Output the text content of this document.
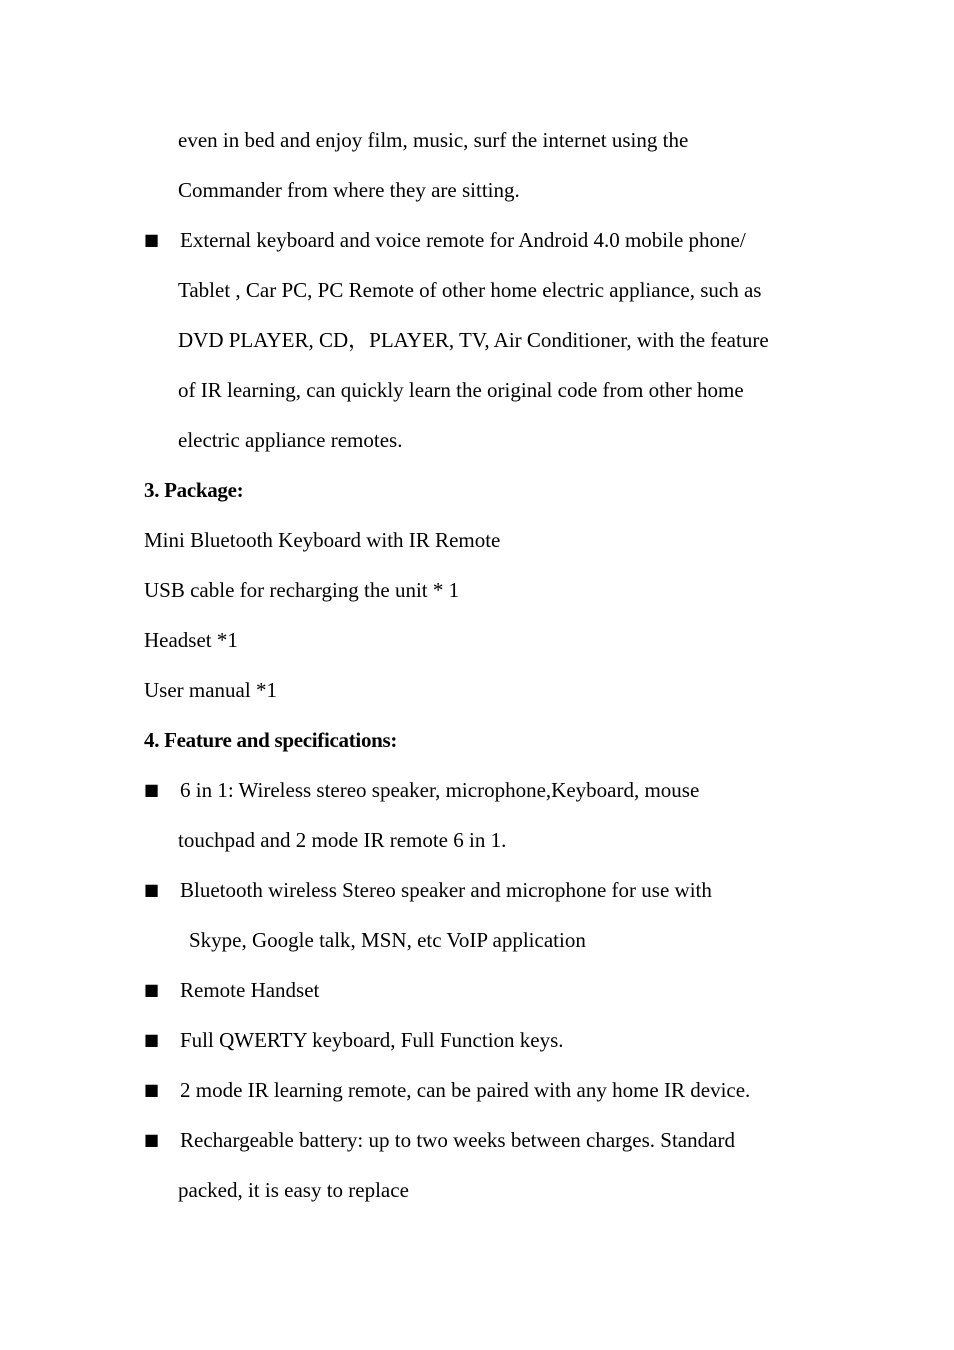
even in bed and enjoy film, music, surf the internet using the
Commander from where they are sitting.
■ External keyboard and voice remote for Android 4.0 mobile phone/
Tablet , Car PC, PC Remote of other home electric appliance, such as
DVD PLAYER, CD，PLAYER, TV, Air Conditioner, with the feature
of IR learning, can quickly learn the original code from other home
electric appliance remotes.
3. Package:
Mini Bluetooth Keyboard with IR Remote
USB cable for recharging the unit * 1
Headset *1
User manual *1
4. Feature and specifications:
■ 6 in 1: Wireless stereo speaker, microphone,Keyboard, mouse
touchpad and 2 mode IR remote 6 in 1.
■ Bluetooth wireless Stereo speaker and microphone for use with
Skype, Google talk, MSN, etc VoIP application
■ Remote Handset
■ Full QWERTY keyboard, Full Function keys.
■ 2 mode IR learning remote, can be paired with any home IR device.
■ Rechargeable battery: up to two weeks between charges. Standard
packed, it is easy to replace
